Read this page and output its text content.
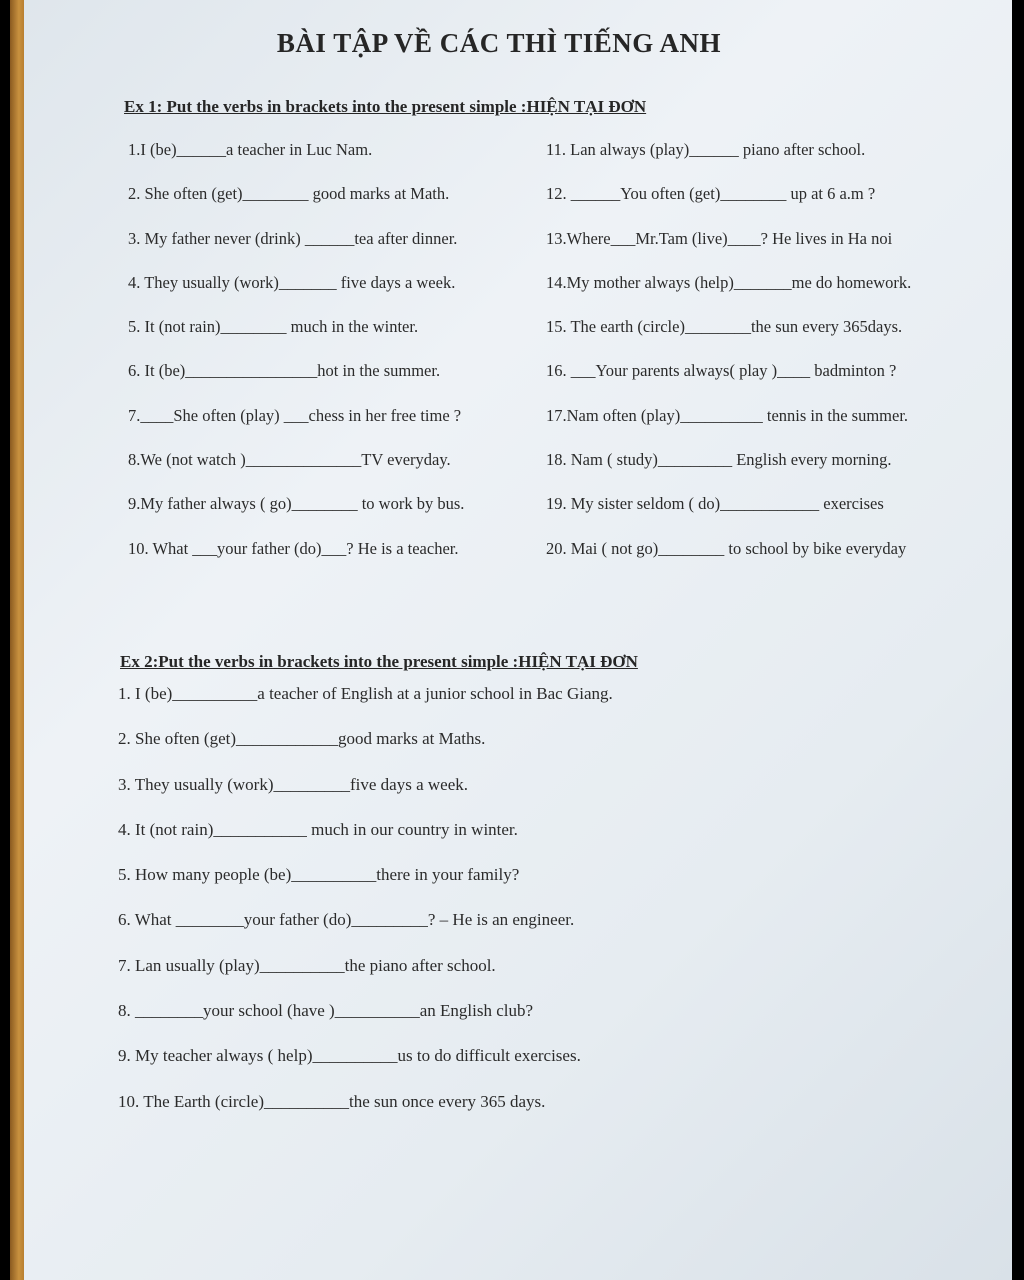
BÀI TẬP VỀ CÁC THÌ TIẾNG ANH
Ex 1: Put the verbs in brackets into the present simple :HIỆN TẠI ĐƠN
1.I (be)______a teacher in Luc Nam.	11. Lan always (play)______ piano after school.
2. She often (get)________ good marks at Math.	12. ______You often (get)________ up at 6 a.m ?
3. My father never (drink) ______tea after dinner.	13.Where___Mr.Tam (live)____? He lives in Ha noi
4. They usually (work)_______ five days a week.	14.My mother always (help)_______me do homework.
5. It (not rain)________ much in the winter.	15. The earth (circle)________the sun every 365days.
6. It (be)________________hot in the summer.	16. ___Your parents always( play )____ badminton ?
7.____She often (play) ___chess in her free time ?	17.Nam often (play)__________ tennis in the summer.
8.We (not watch )______________TV everyday.	18. Nam ( study)_________ English every morning.
9.My father always ( go)________ to work by bus.	19. My sister seldom ( do)____________ exercises
10. What ___your father (do)___? He is a teacher.	20. Mai ( not go)________ to school by bike everyday
Ex 2:Put the verbs in brackets into the present simple :HIỆN TẠI ĐƠN
1. I (be)__________a teacher of English at a junior school in Bac Giang.
2. She often (get)____________good marks at Maths.
3. They usually (work)_________five days a week.
4. It (not rain)___________ much in our country in winter.
5. How many people (be)__________there in your family?
6. What ________your father (do)_________? – He is an engineer.
7. Lan usually (play)__________the piano after school.
8. ________your school (have )__________an English club?
9. My teacher always ( help)__________us to do difficult exercises.
10. The Earth (circle)__________the sun once every 365 days.
